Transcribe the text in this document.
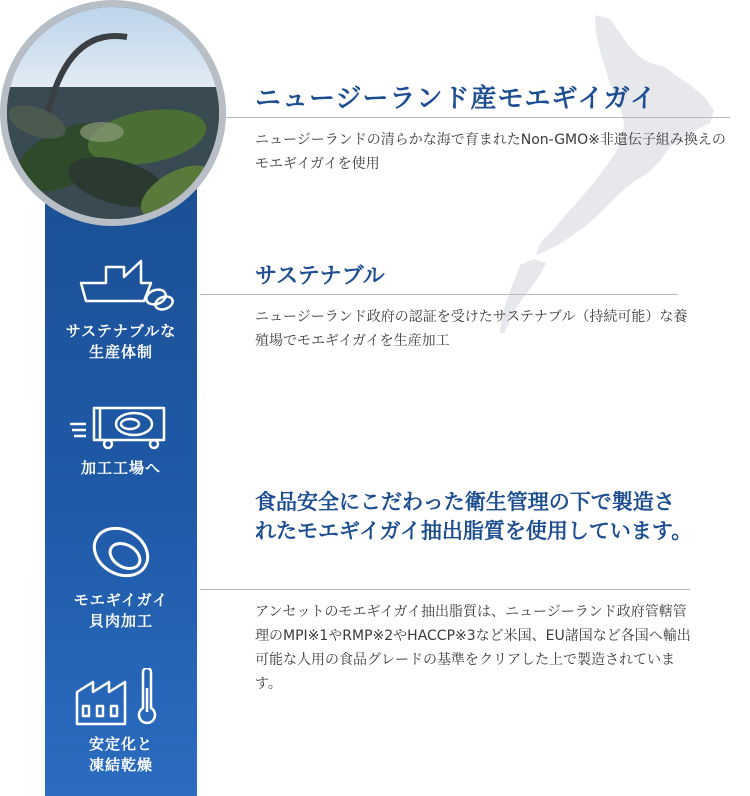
サステナブルな
生産体制
加工工場へ
モエギイガイ
貝肉加工
安定化と
凍結乾燥
ニュージーランド産モエギイガイ
ニュージーランドの清らかな海で育まれたNon-GMO※非遺伝子組み換えのモエギイガイを使用
サステナブル
ニュージーランド政府の認証を受けたサステナブル（持続可能）な養殖場でモエギイガイを生産加工
食品安全にこだわった衛生管理の下で製造されたモエギイガイ抽出脂質を使用しています。
アンセットのモエギイガイ抽出脂質は、ニュージーランド政府管轄管理のMPI※1やRMP※2やHACCP※3など米国、EU諸国など各国へ輸出可能な人用の食品グレードの基準をクリアした上で製造されています。
